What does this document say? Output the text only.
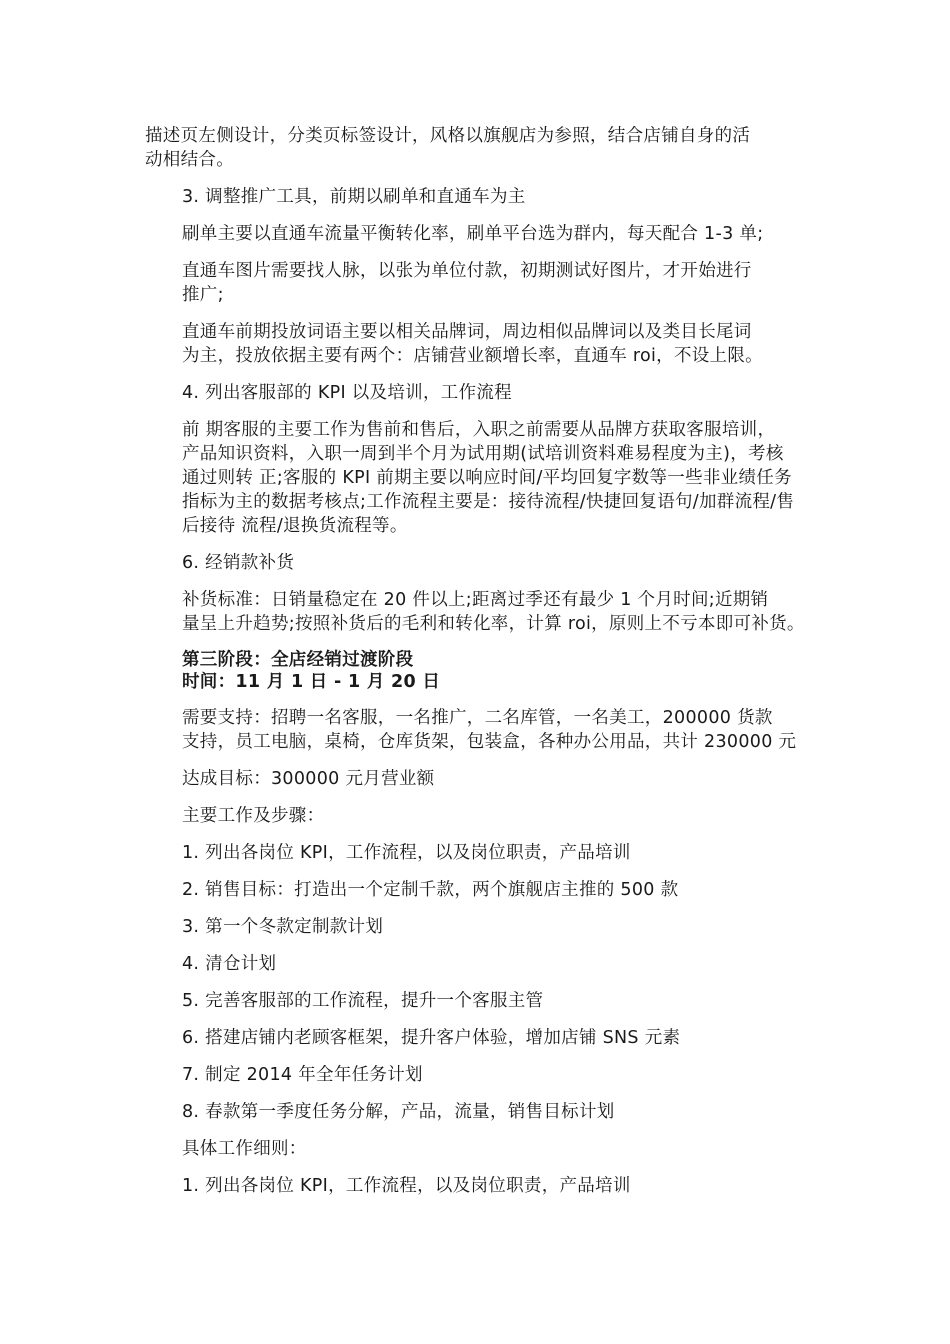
描述页左侧设计，分类页标签设计，风格以旗舰店为参照，结合店铺自身的活
动相结合。

3. 调整推广工具，前期以刷单和直通车为主

刷单主要以直通车流量平衡转化率，刷单平台选为群内，每天配合 1-3 单;

直通车图片需要找人脉，以张为单位付款，初期测试好图片，才开始进行
推广;

直通车前期投放词语主要以相关品牌词，周边相似品牌词以及类目长尾词
为主，投放依据主要有两个：店铺营业额增长率，直通车 roi，不设上限。

4. 列出客服部的 KPI 以及培训，工作流程

前 期客服的主要工作为售前和售后，入职之前需要从品牌方获取客服培训，
产品知识资料，入职一周到半个月为试用期(试培训资料难易程度为主)，考核
通过则转 正;客服的 KPI 前期主要以响应时间/平均回复字数等一些非业绩任务
指标为主的数据考核点;工作流程主要是：接待流程/快捷回复语句/加群流程/售
后接待 流程/退换货流程等。

6. 经销款补货

补货标准：日销量稳定在 20 件以上;距离过季还有最少 1 个月时间;近期销
量呈上升趋势;按照补货后的毛利和转化率，计算 roi，原则上不亏本即可补货。

第三阶段：全店经销过渡阶段
时间：11 月 1 日 - 1 月 20 日

需要支持：招聘一名客服，一名推广，二名库管，一名美工，200000 货款
支持，员工电脑，桌椅，仓库货架，包装盒，各种办公用品，共计 230000 元

达成目标：300000 元月营业额

主要工作及步骤：

1. 列出各岗位 KPI，工作流程，以及岗位职责，产品培训

2. 销售目标：打造出一个定制千款，两个旗舰店主推的 500 款

3. 第一个冬款定制款计划

4. 清仓计划

5. 完善客服部的工作流程，提升一个客服主管

6. 搭建店铺内老顾客框架，提升客户体验，增加店铺 SNS 元素

7. 制定 2014 年全年任务计划

8. 春款第一季度任务分解，产品，流量，销售目标计划

具体工作细则：

1. 列出各岗位 KPI，工作流程，以及岗位职责，产品培训
